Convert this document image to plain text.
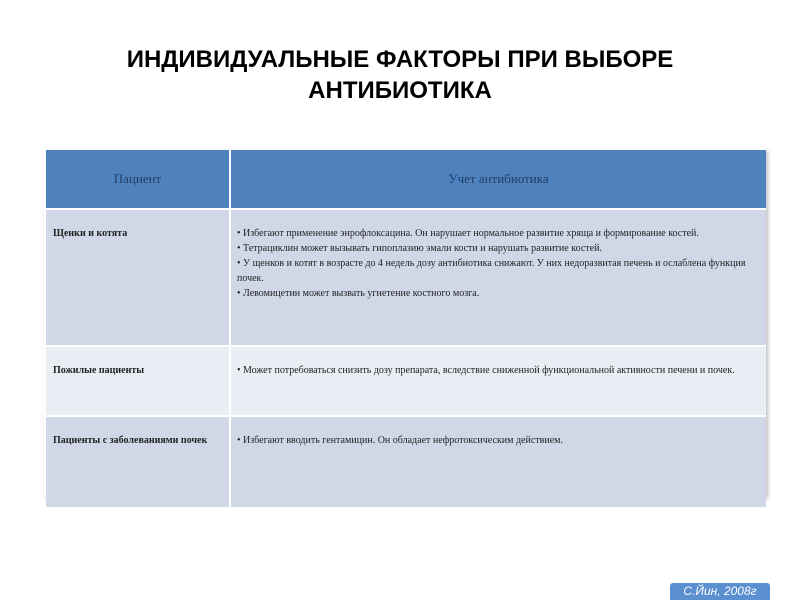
ИНДИВИДУАЛЬНЫЕ ФАКТОРЫ ПРИ ВЫБОРЕ
АНТИБИОТИКА
Пациент	Учет антибиотика
Щенки и котята	• Избегают применение энрофлоксацина. Он нарушает нормальное развитие хряща и формирование костей.

• Тетрациклин может вызывать гипоплазию эмали кости и нарушать развитие костей.

• У щенков и котят в возрасте до 4 недель дозу антибиотика снижают. У них недоразвитая печень и ослаблена функция почек.

• Левомицетин может вызвать угнетение костного мозга.

Пожилые пациенты	• Может потребоваться снизить дозу препарата, вследствие сниженной функциональной активности печени и почек.

Пациенты с заболеваниями почек	• Избегают вводить гентамицин. Он обладает нефротоксическим действием.

С.Йин, 2008г
